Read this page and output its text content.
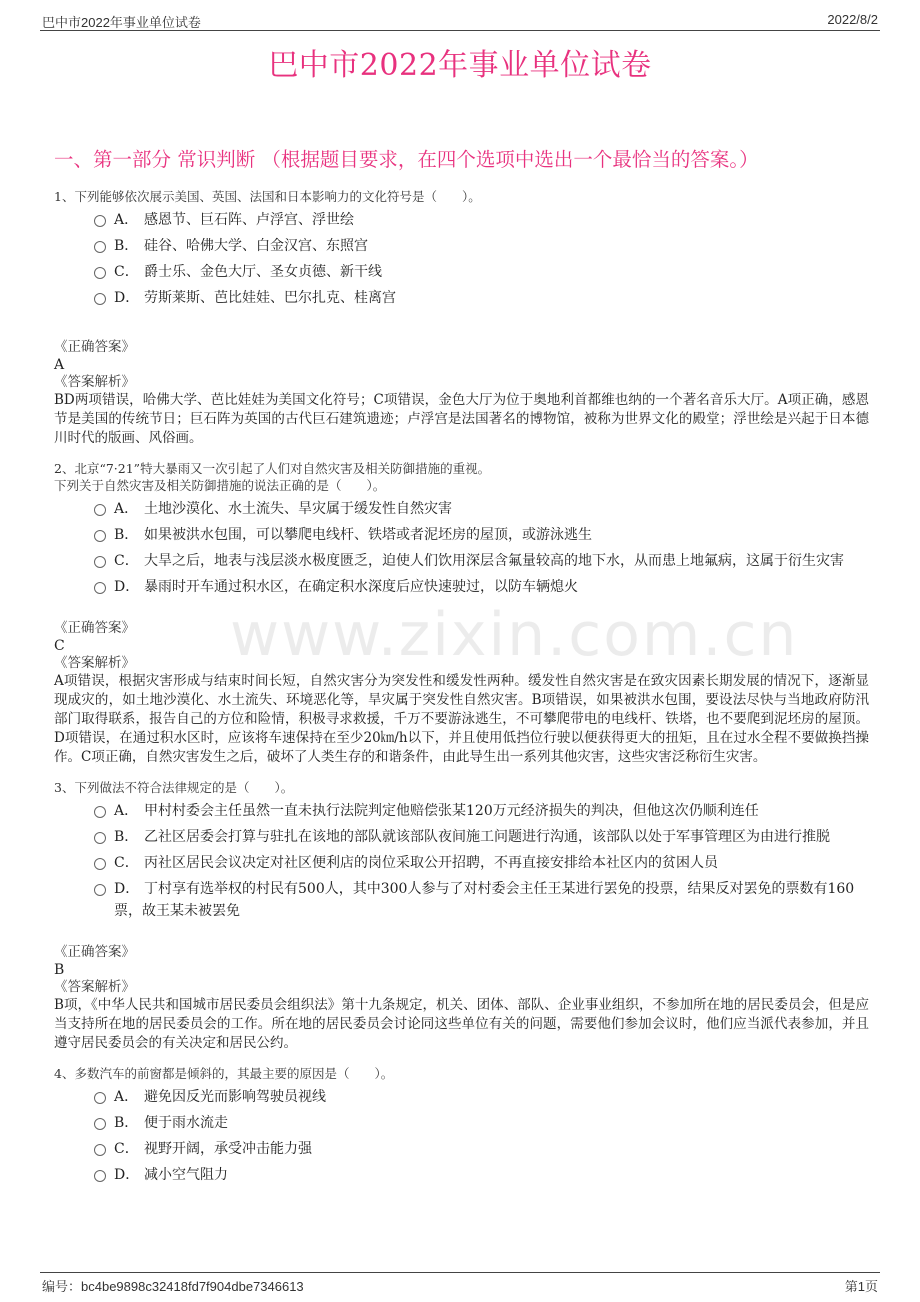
巴中市2022年事业单位试卷	2022/8/2
巴中市2022年事业单位试卷
一、第一部分 常识判断 （根据题目要求，在四个选项中选出一个最恰当的答案。）
www.zixin.com.cn
1、下列能够依次展示美国、英国、法国和日本影响力的文化符号是（　　）。
A． 感恩节、巨石阵、卢浮宫、浮世绘
B． 硅谷、哈佛大学、白金汉宫、东照宫
C． 爵士乐、金色大厅、圣女贞德、新干线
D． 劳斯莱斯、芭比娃娃、巴尔扎克、桂离宫
《正确答案》
A
《答案解析》
BD两项错误，哈佛大学、芭比娃娃为美国文化符号；C项错误，金色大厅为位于奥地利首都维也纳的一个著名音乐大厅。A项正确，感恩节是美国的传统节日；巨石阵为英国的古代巨石建筑遗迹；卢浮宫是法国著名的博物馆，被称为世界文化的殿堂；浮世绘是兴起于日本德川时代的版画、风俗画。
2、北京“7·21”特大暴雨又一次引起了人们对自然灾害及相关防御措施的重视。
下列关于自然灾害及相关防御措施的说法正确的是（　　）。
A． 土地沙漠化、水土流失、旱灾属于缓发性自然灾害
B． 如果被洪水包围，可以攀爬电线杆、铁塔或者泥坯房的屋顶，或游泳逃生
C． 大旱之后，地表与浅层淡水极度匮乏，迫使人们饮用深层含氟量较高的地下水，从而患上地氟病，这属于衍生灾害
D． 暴雨时开车通过积水区，在确定积水深度后应快速驶过，以防车辆熄火
《正确答案》
C
《答案解析》
A项错误，根据灾害形成与结束时间长短，自然灾害分为突发性和缓发性两种。缓发性自然灾害是在致灾因素长期发展的情况下，逐渐显现成灾的，如土地沙漠化、水土流失、环境恶化等，旱灾属于突发性自然灾害。B项错误，如果被洪水包围，要设法尽快与当地政府防汛部门取得联系，报告自己的方位和险情，积极寻求救援，千万不要游泳逃生，不可攀爬带电的电线杆、铁塔，也不要爬到泥坯房的屋顶。D项错误，在通过积水区时，应该将车速保持在至少20㎞/h以下，并且使用低挡位行驶以便获得更大的扭矩，且在过水全程不要做换挡操作。C项正确，自然灾害发生之后，破坏了人类生存的和谐条件，由此导生出一系列其他灾害，这些灾害泛称衍生灾害。
3、下列做法不符合法律规定的是（　　）。
A． 甲村村委会主任虽然一直未执行法院判定他赔偿张某120万元经济损失的判决，但他这次仍顺利连任
B． 乙社区居委会打算与驻扎在该地的部队就该部队夜间施工问题进行沟通，该部队以处于军事管理区为由进行推脱
C． 丙社区居民会议决定对社区便利店的岗位采取公开招聘，不再直接安排给本社区内的贫困人员
D． 丁村享有选举权的村民有500人，其中300人参与了对村委会主任王某进行罢免的投票，结果反对罢免的票数有160票，故王某未被罢免
《正确答案》
B
《答案解析》
B项，《中华人民共和国城市居民委员会组织法》第十九条规定，机关、团体、部队、企业事业组织，不参加所在地的居民委员会，但是应当支持所在地的居民委员会的工作。所在地的居民委员会讨论同这些单位有关的问题，需要他们参加会议时，他们应当派代表参加，并且遵守居民委员会的有关决定和居民公约。
4、多数汽车的前窗都是倾斜的，其最主要的原因是（　　）。
A． 避免因反光而影响驾驶员视线
B． 便于雨水流走
C． 视野开阔，承受冲击能力强
D． 减小空气阻力
编号：bc4be9898c32418fd7f904dbe7346613	第1页
